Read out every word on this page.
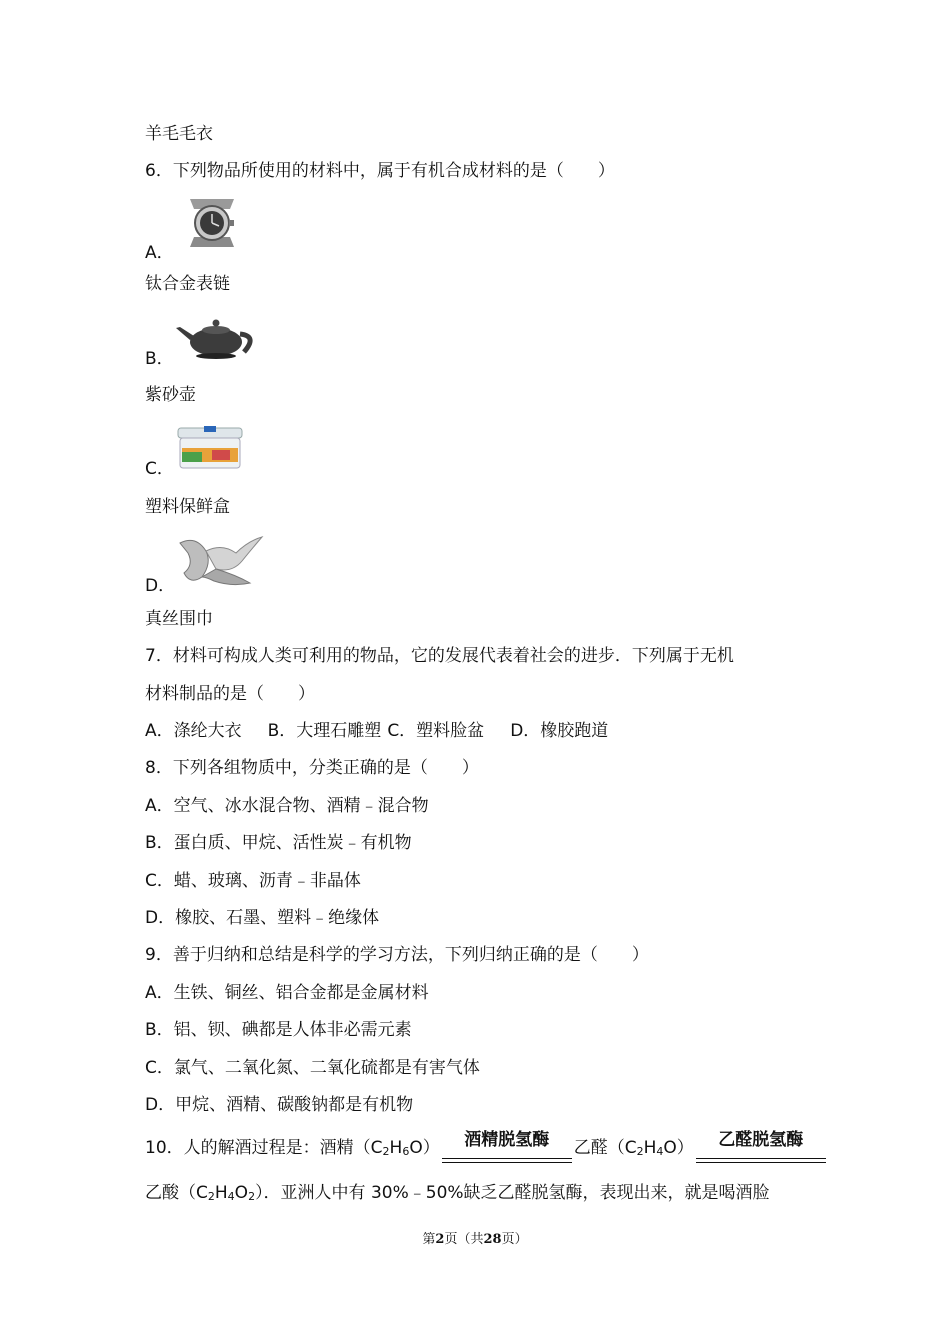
羊毛毛衣
6．下列物品所使用的材料中，属于有机合成材料的是（　　）
A．
钛合金表链
B．
紫砂壶
C．
塑料保鲜盒
D．
真丝围巾
7．材料可构成人类可利用的物品，它的发展代表着社会的进步．下列属于无机
材料制品的是（　　）
A．涤纶大衣 B．大理石雕塑 C．塑料脸盆 D．橡胶跑道
8．下列各组物质中，分类正确的是（　　）
A．空气、冰水混合物、酒精﹣混合物
B．蛋白质、甲烷、活性炭﹣有机物
C．蜡、玻璃、沥青﹣非晶体
D．橡胶、石墨、塑料﹣绝缘体
9．善于归纳和总结是科学的学习方法，下列归纳正确的是（　　）
A．生铁、铜丝、铝合金都是金属材料
B．铝、钡、碘都是人体非必需元素
C．氯气、二氧化氮、二氧化硫都是有害气体
D．甲烷、酒精、碳酸钠都是有机物
10．人的解酒过程是：酒精$(C_2H_6O)$	酒精脱氢酶	乙醛$(C_2H_4O)$	乙醛脱氢酶
乙酸$(C_2H_4O_2)$．亚洲人中有 30%﹣50%缺乏乙醛脱氢酶，表现出来，就是喝酒脸
第2页（共28页）
